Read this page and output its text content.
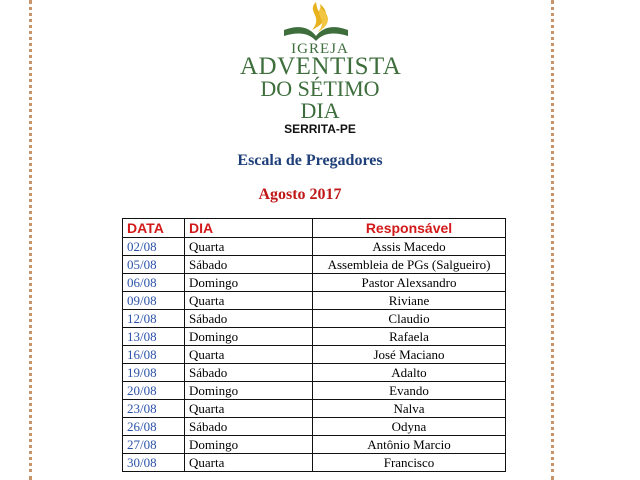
IGREJA
ADVENTISTA
DO SÉTIMO DIA
SERRITA-PE
Escala de Pregadores
Agosto 2017
DATA	DIA	Responsável
02/08	Quarta	Assis Macedo
05/08	Sábado	Assembleia de PGs (Salgueiro)
06/08	Domingo	Pastor Alexsandro
09/08	Quarta	Riviane
12/08	Sábado	Claudio
13/08	Domingo	Rafaela
16/08	Quarta	José Maciano
19/08	Sábado	Adalto
20/08	Domingo	Evando
23/08	Quarta	Nalva
26/08	Sábado	Odyna
27/08	Domingo	Antônio Marcio
30/08	Quarta	Francisco
